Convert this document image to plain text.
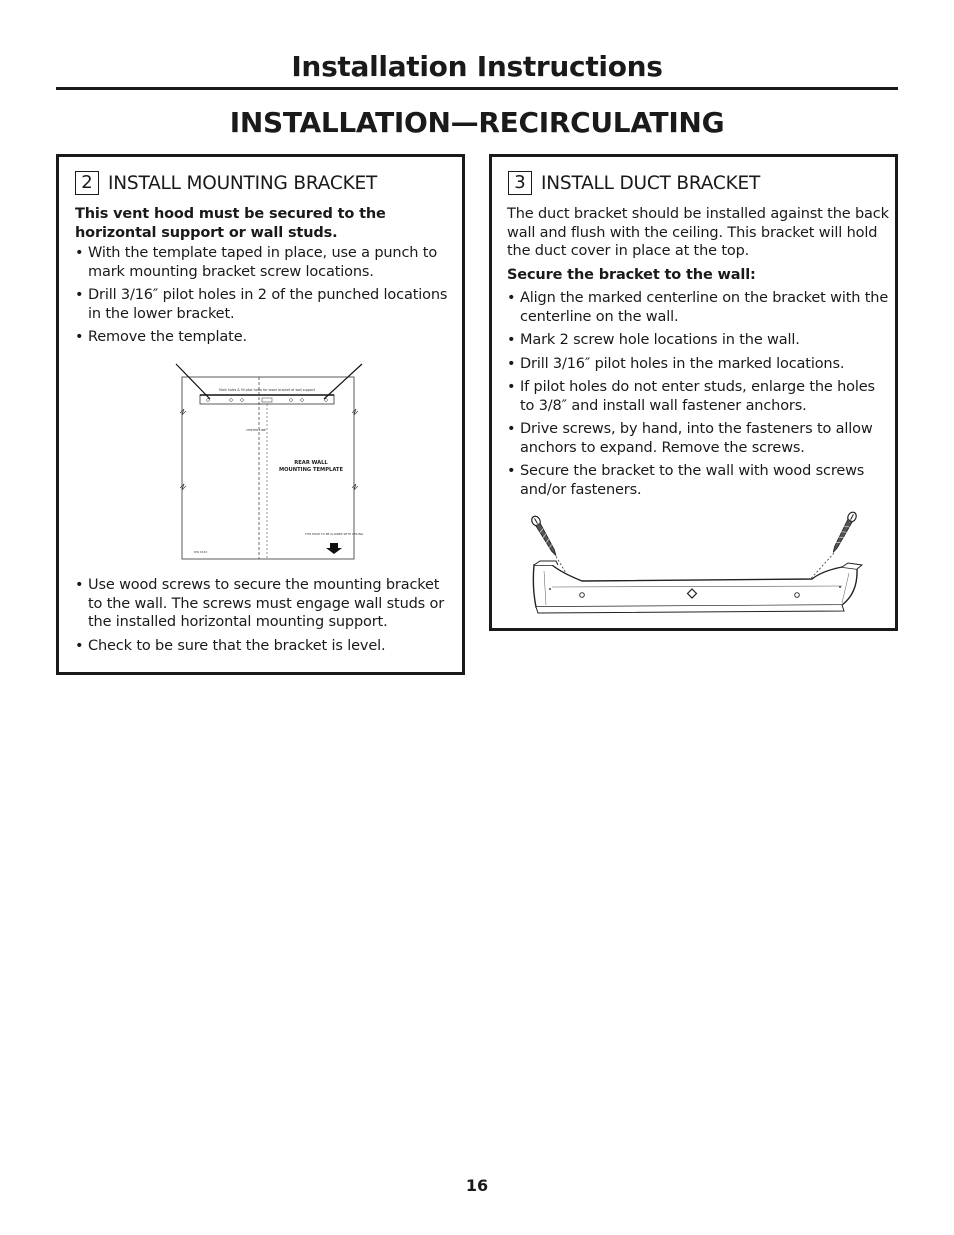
Installation Instructions
INSTALLATION—RECIRCULATING
2 INSTALL MOUNTING BRACKET
This vent hood must be secured to the horizontal support or wall studs.
• With the template taped in place, use a punch to mark mounting bracket screw locations.
• Drill 3/16″ pilot holes in 2 of the punched locations in the lower bracket.
• Remove the template.
Mark holes & fill pilot holes for lower bracket at wall support
CENTER LINE
REAR WALL
MOUNTING TEMPLATE
THIS EDGE TO BE ALIGNED WITH CEILING
P/N XXXX
• Use wood screws to secure the mounting bracket to the wall. The screws must engage wall studs or the installed horizontal mounting support.
• Check to be sure that the bracket is level.
3 INSTALL DUCT BRACKET
The duct bracket should be installed against the back wall and flush with the ceiling. This bracket will hold the duct cover in place at the top.
Secure the bracket to the wall:
• Align the marked centerline on the bracket with the centerline on the wall.
• Mark 2 screw hole locations in the wall.
• Drill 3/16″ pilot holes in the marked locations.
• If pilot holes do not enter studs, enlarge the holes to 3/8″ and install wall fastener anchors.
• Drive screws, by hand, into the fasteners to allow anchors to expand. Remove the screws.
• Secure the bracket to the wall with wood screws and/or fasteners.
16
